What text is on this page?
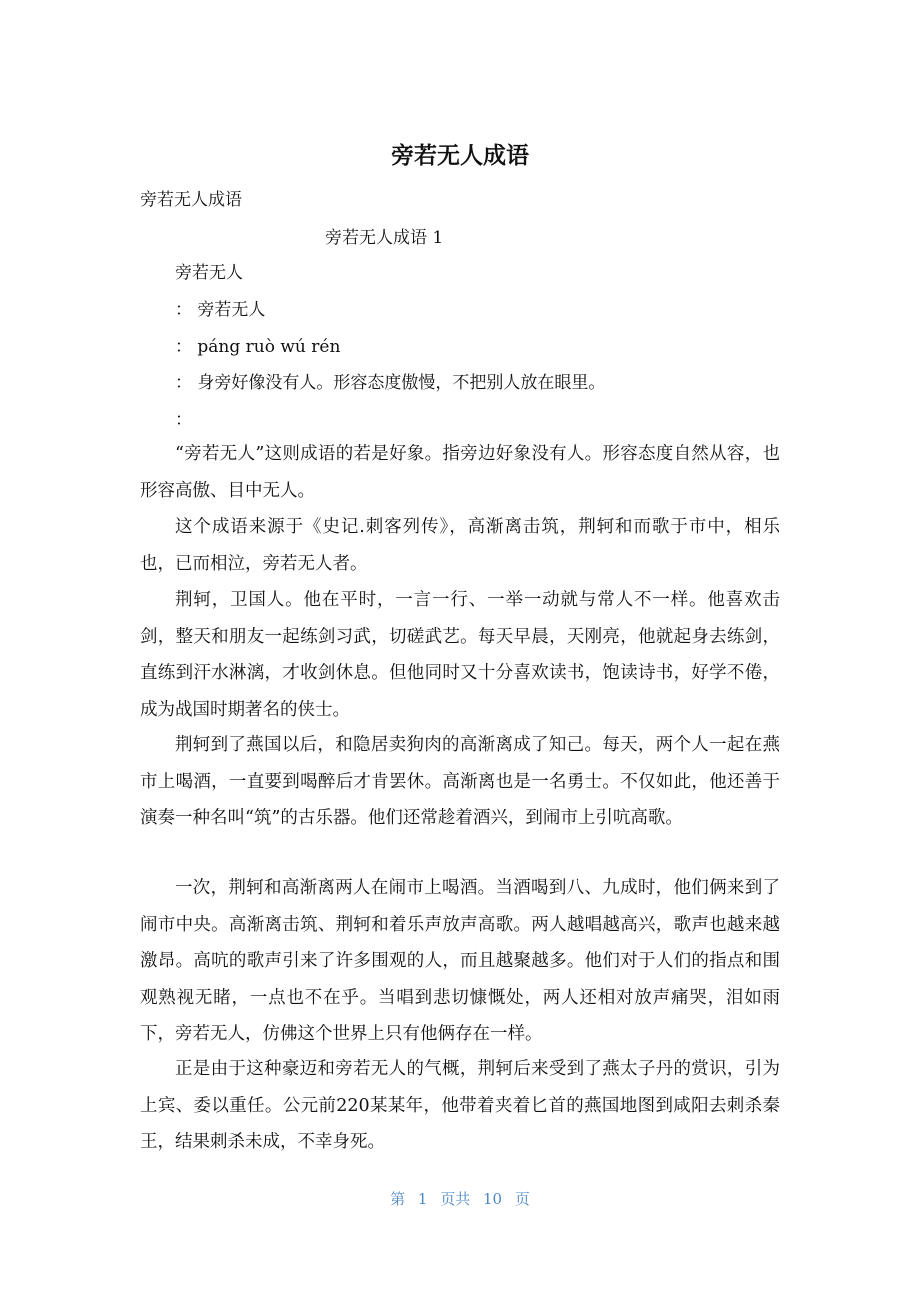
旁若无人成语
旁若无人成语
旁若无人成语 1
旁若无人
： 旁若无人
： páng ruò wú rén
： 身旁好像没有人。形容态度傲慢，不把别人放在眼里。
：

“旁若无人”这则成语的若是好象。指旁边好象没有人。形容态度自然从容，也形容高傲、目中无人。

这个成语来源于《史记.刺客列传》，高渐离击筑，荆轲和而歌于市中，相乐也，已而相泣，旁若无人者。

荆轲，卫国人。他在平时，一言一行、一举一动就与常人不一样。他喜欢击剑，整天和朋友一起练剑习武，切磋武艺。每天早晨，天刚亮，他就起身去练剑，直练到汗水淋漓，才收剑休息。但他同时又十分喜欢读书，饱读诗书，好学不倦，成为战国时期著名的侠士。

荆轲到了燕国以后，和隐居卖狗肉的高渐离成了知己。每天，两个人一起在燕市上喝酒，一直要到喝醉后才肯罢休。高渐离也是一名勇士。不仅如此，他还善于演奏一种名叫“筑”的古乐器。他们还常趁着酒兴，到闹市上引吭高歌。

一次，荆轲和高渐离两人在闹市上喝酒。当酒喝到八、九成时，他们俩来到了闹市中央。高渐离击筑、荆轲和着乐声放声高歌。两人越唱越高兴，歌声也越来越激昂。高吭的歌声引来了许多围观的人，而且越聚越多。他们对于人们的指点和围观熟视无睹，一点也不在乎。当唱到悲切慷慨处，两人还相对放声痛哭，泪如雨下，旁若无人，仿佛这个世界上只有他俩存在一样。

正是由于这种豪迈和旁若无人的气概，荆轲后来受到了燕太子丹的赏识，引为上宾、委以重任。公元前220某某年，他带着夹着匕首的燕国地图到咸阳去刺杀秦王，结果刺杀未成，不幸身死。

第 1 页共 10 页
